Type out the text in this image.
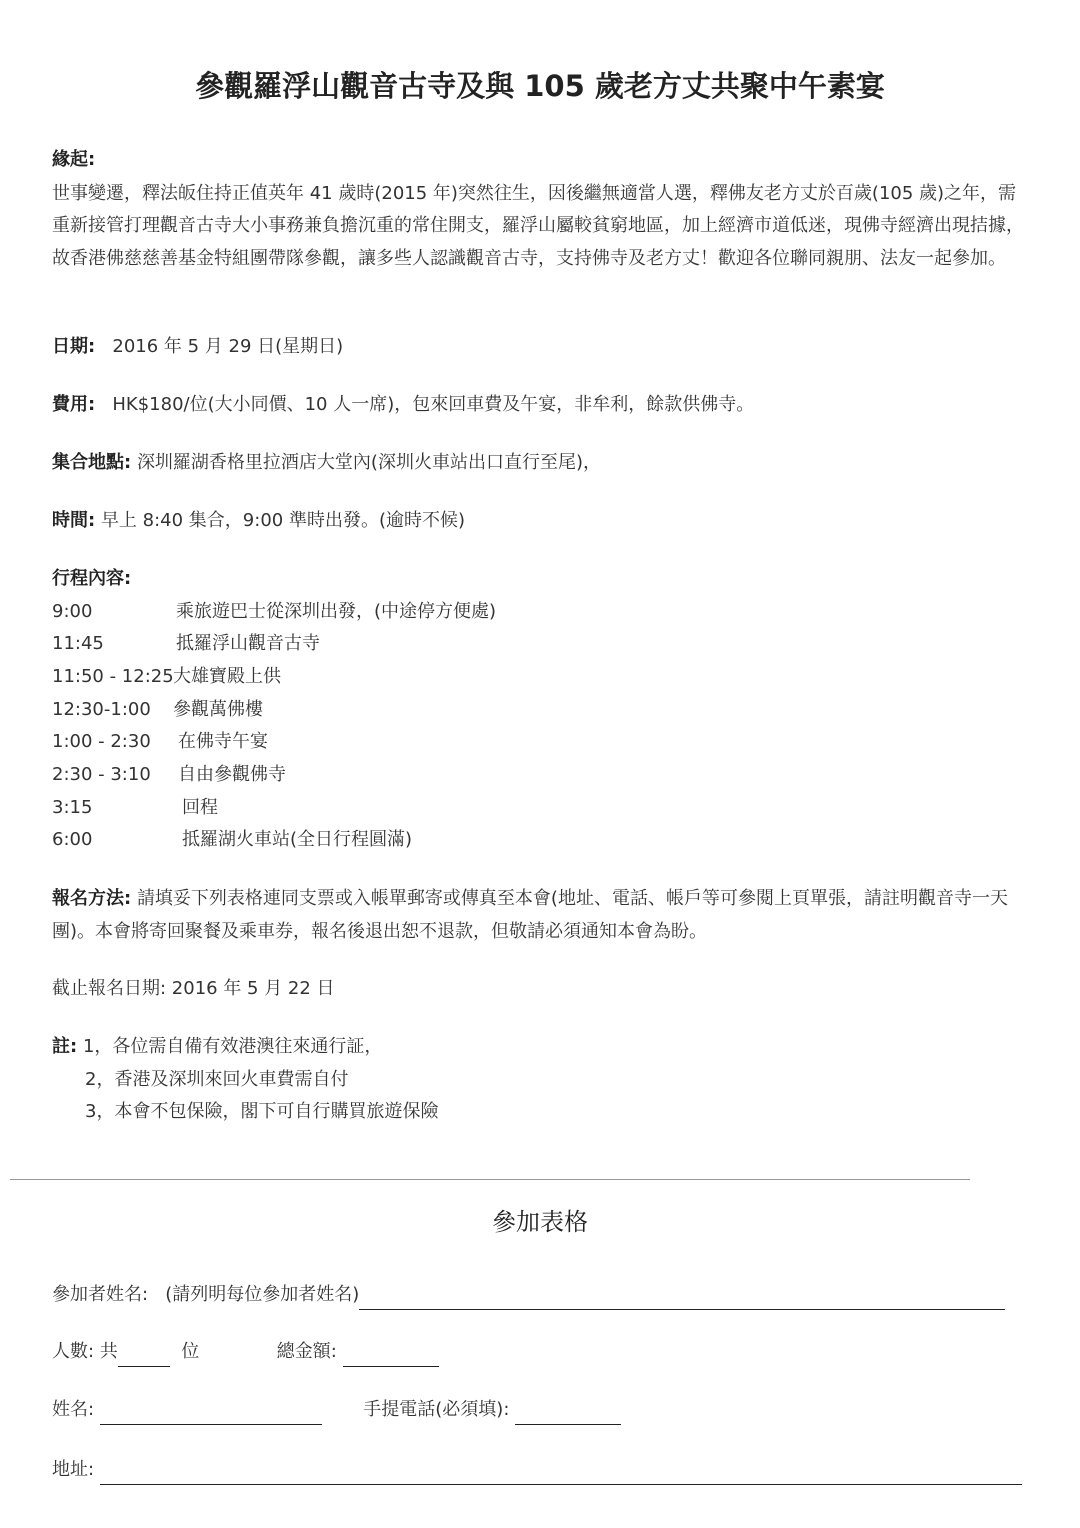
參觀羅浮山觀音古寺及與 105 歲老方丈共聚中午素宴
緣起:
世事變遷，釋法皈住持正值英年 41 歲時(2015 年)突然往生，因後繼無適當人選，釋佛友老方丈於百歲(105 歲)之年，需重新接管打理觀音古寺大小事務兼負擔沉重的常住開支，羅浮山屬較貧窮地區，加上經濟市道低迷，現佛寺經濟出現拮據，故香港佛慈慈善基金特組團帶隊參觀，讓多些人認識觀音古寺，支持佛寺及老方丈！歡迎各位聯同親朋、法友一起參加。
日期: 2016 年 5 月 29 日(星期日)
費用: HK$180/位(大小同價、10 人一席)，包來回車費及午宴，非牟利，餘款供佛寺。
集合地點: 深圳羅湖香格里拉酒店大堂內(深圳火車站出口直行至尾)，
時間: 早上 8:40 集合，9:00 準時出發。(逾時不候)
行程內容:
9:00	乘旅遊巴士從深圳出發，(中途停方便處)
11:45	抵羅浮山觀音古寺
11:50 - 12:25 大雄寶殿上供
12:30-1:00 參觀萬佛樓
1:00 - 2:30 在佛寺午宴
2:30 - 3:10 自由參觀佛寺
3:15	回程
6:00	抵羅湖火車站(全日行程圓滿)
報名方法: 請填妥下列表格連同支票或入帳單郵寄或傳真至本會(地址、電話、帳戶等可參閱上頁單張，請註明觀音寺一天團)。本會將寄回聚餐及乘車券，報名後退出恕不退款，但敬請必須通知本會為盼。
截止報名日期: 2016 年 5 月 22 日
註: 1，各位需自備有效港澳往來通行証，
2，香港及深圳來回火車費需自付
3，本會不包保險，閣下可自行購買旅遊保險
參加表格
參加者姓名: (請列明每位參加者姓名)
人數: 共	位	總金額:
姓名:	手提電話(必須填):
地址:
